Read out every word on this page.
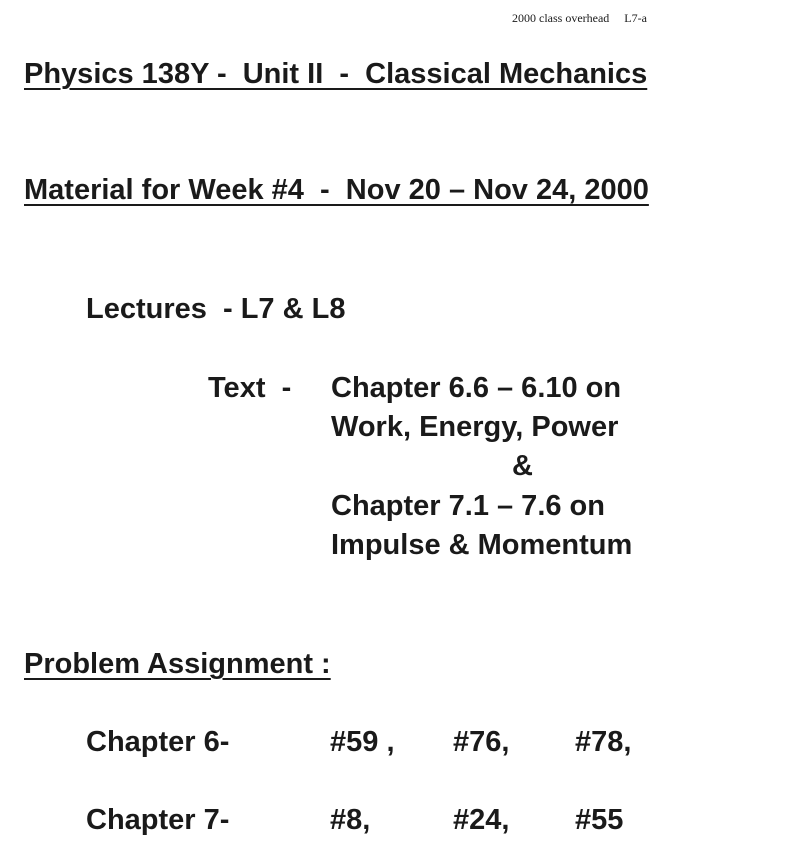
2000 class overhead     L7-a
Physics 138Y -  Unit II  -  Classical Mechanics
Material for Week #4  -  Nov 20 – Nov 24, 2000
Lectures  - L7 & L8
Text  - Chapter 6.6 – 6.10 on
Work, Energy, Power
&
Chapter 7.1 – 7.6 on
Impulse & Momentum
Problem Assignment :
Chapter 6-	#59 , #76, #78,
Chapter 7-	#8,	#24, #55
